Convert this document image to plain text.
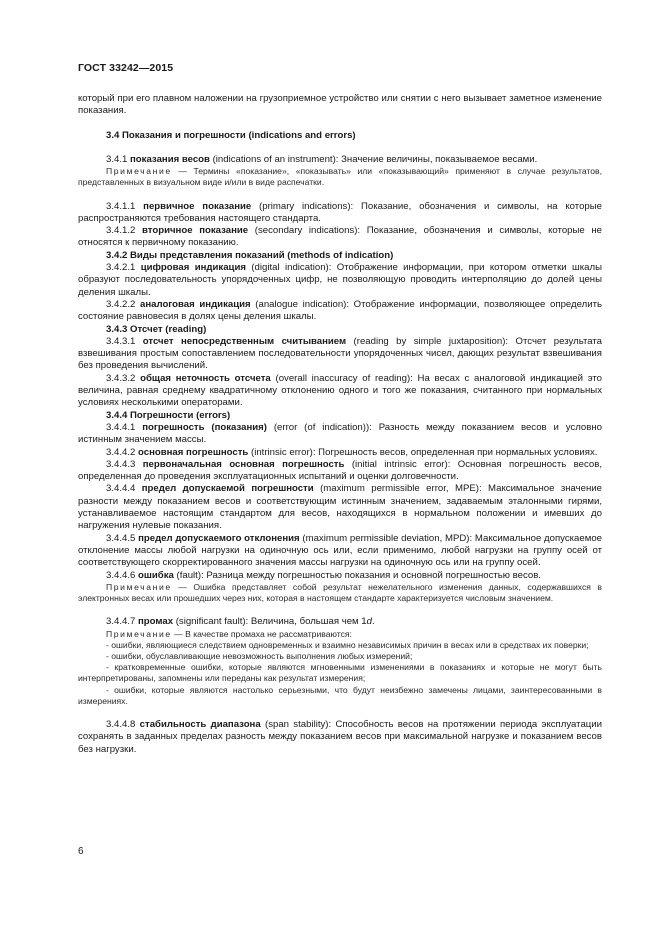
ГОСТ 33242—2015

который при его плавном наложении на грузоприемное устройство или снятии с него вызывает заметное изменение показания.

3.4 Показания и погрешности (indications and errors)

3.4.1 показания весов (indications of an instrument): Значение величины, показываемое весами.

Примечание — Термины «показание», «показывать» или «показывающий» применяют в случае результатов, представленных в визуальном виде и/или в виде распечатки.

3.4.1.1 первичное показание (primary indications): Показание, обозначения и символы, на которые распространяются требования настоящего стандарта.

3.4.1.2 вторичное показание (secondary indications): Показание, обозначения и символы, которые не относятся к первичному показанию.

3.4.2 Виды представления показаний (methods of indication)

3.4.2.1 цифровая индикация (digital indication): Отображение информации, при котором отметки шкалы образуют последовательность упорядоченных цифр, не позволяющую проводить интерполяцию до долей цены деления шкалы.

3.4.2.2 аналоговая индикация (analogue indication): Отображение информации, позволяющее определить состояние равновесия в долях цены деления шкалы.

3.4.3 Отсчет (reading)

3.4.3.1 отсчет непосредственным считыванием (reading by simple juxtaposition): Отсчет результата взвешивания простым сопоставлением последовательности упорядоченных чисел, дающих результат взвешивания без проведения вычислений.

3.4.3.2 общая неточность отсчета (overall inaccuracy of reading): На весах с аналоговой индикацией это величина, равная среднему квадратичному отклонению одного и того же показания, считанного при нормальных условиях несколькими операторами.

3.4.4 Погрешности (errors)

3.4.4.1 погрешность (показания) (error (of indication)): Разность между показанием весов и условно истинным значением массы.

3.4.4.2 основная погрешность (intrinsic error): Погрешность весов, определенная при нормальных условиях.

3.4.4.3 первоначальная основная погрешность (initial intrinsic error): Основная погрешность весов, определенная до проведения эксплуатационных испытаний и оценки долговечности.

3.4.4.4 предел допускаемой погрешности (maximum permissible error, MPE): Максимальное значение разности между показанием весов и соответствующим истинным значением, задаваемым эталонными гирями, устанавливаемое настоящим стандартом для весов, находящихся в нормальном положении и имевших до нагружения нулевые показания.

3.4.4.5 предел допускаемого отклонения (maximum permissible deviation, MPD): Максимальное допускаемое отклонение массы любой нагрузки на одиночную ось или, если применимо, любой нагрузки на группу осей от соответствующего скорректированного значения массы нагрузки на одиночную ось или на группу осей.

3.4.4.6 ошибка (fault): Разница между погрешностью показания и основной погрешностью весов.

Примечание — Ошибка представляет собой результат нежелательного изменения данных, содержавшихся в электронных весах или прошедших через них, которая в настоящем стандарте характеризуется числовым значением.

3.4.4.7 промах (significant fault): Величина, большая чем 1d.

Примечание — В качестве промаха не рассматриваются:

- ошибки, являющиеся следствием одновременных и взаимно независимых причин в весах или в средствах их поверки;

- ошибки, обуславливающие невозможность выполнения любых измерений;

- кратковременные ошибки, которые являются мгновенными изменениями в показаниях и которые не могут быть интерпретированы, запомнены или переданы как результат измерения;

- ошибки, которые являются настолько серьезными, что будут неизбежно замечены лицами, заинтересованными в измерениях.

3.4.4.8 стабильность диапазона (span stability): Способность весов на протяжении периода эксплуатации сохранять в заданных пределах разность между показанием весов при максимальной нагрузке и показанием весов без нагрузки.

6
